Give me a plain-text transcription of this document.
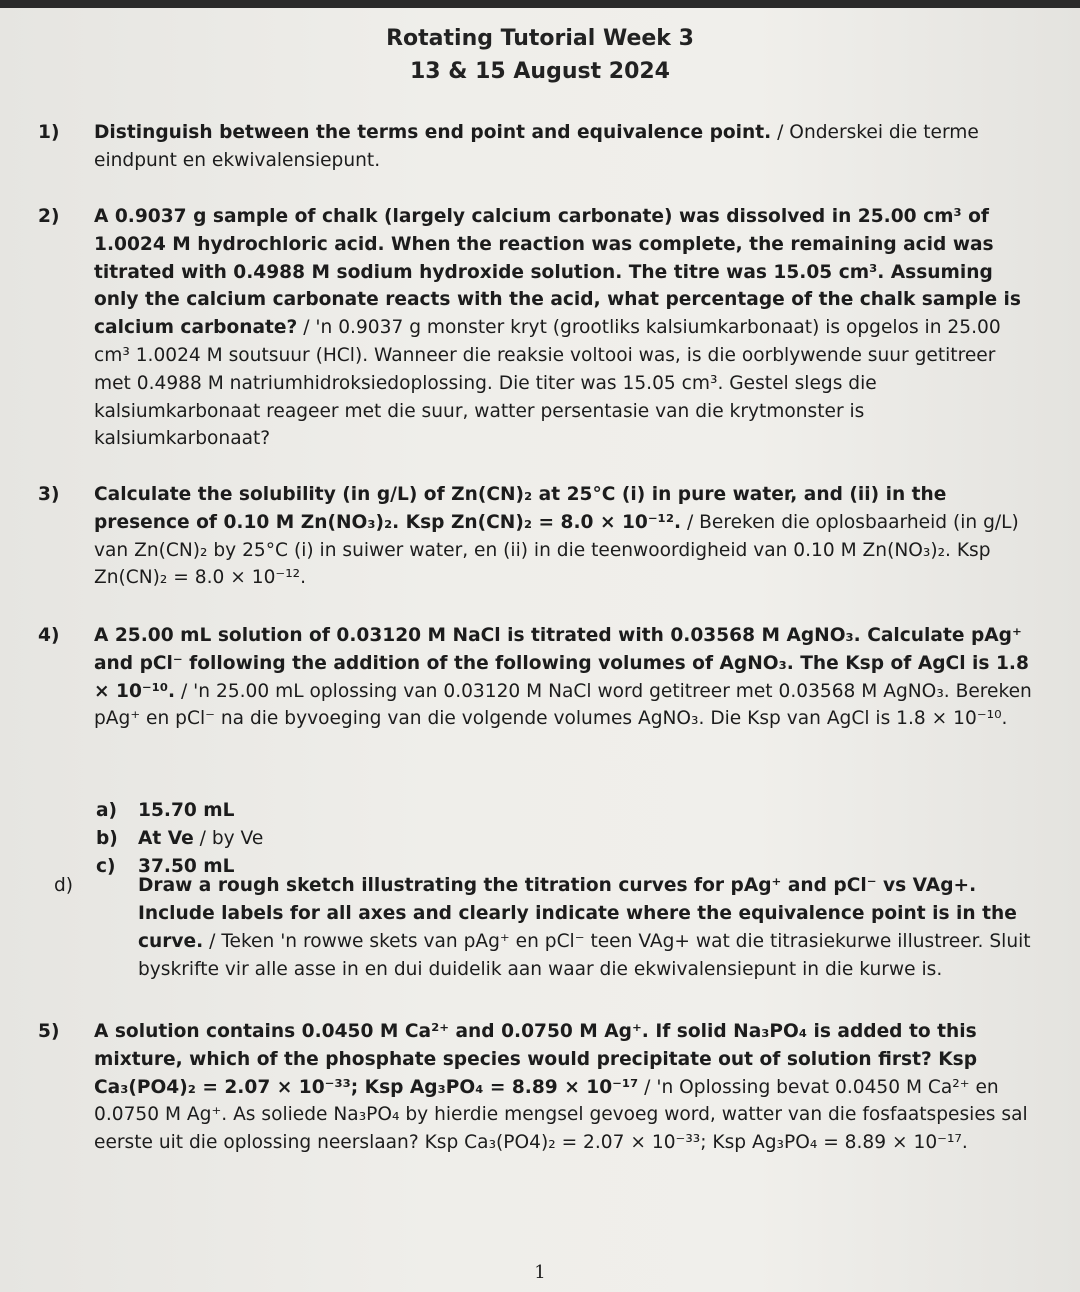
Rotating Tutorial Week 3
13 & 15 August 2024
1) Distinguish between the terms end point and equivalence point. / Onderskei die terme eindpunt en ekwivalensiepunt.
2) A 0.9037 g sample of chalk (largely calcium carbonate) was dissolved in 25.00 cm³ of 1.0024 M hydrochloric acid. When the reaction was complete, the remaining acid was titrated with 0.4988 M sodium hydroxide solution. The titre was 15.05 cm³. Assuming only the calcium carbonate reacts with the acid, what percentage of the chalk sample is calcium carbonate? / 'n 0.9037 g monster kryt (grootliks kalsiumkarbonaat) is opgelos in 25.00 cm³ 1.0024 M soutsuur (HCl). Wanneer die reaksie voltooi was, is die oorblywende suur getitreer met 0.4988 M natriumhidroksiedoplossing. Die titer was 15.05 cm³. Gestel slegs die kalsiumkarbonaat reageer met die suur, watter persentasie van die krytmonster is kalsiumkarbonaat?
3) Calculate the solubility (in g/L) of Zn(CN)₂ at 25°C (i) in pure water, and (ii) in the presence of 0.10 M Zn(NO₃)₂. Ksp Zn(CN)₂ = 8.0 × 10⁻¹². / Bereken die oplosbaarheid (in g/L) van Zn(CN)₂ by 25°C (i) in suiwer water, en (ii) in die teenwoordigheid van 0.10 M Zn(NO₃)₂. Ksp Zn(CN)₂ = 8.0 × 10⁻¹².
4) A 25.00 mL solution of 0.03120 M NaCl is titrated with 0.03568 M AgNO₃. Calculate pAg⁺ and pCl⁻ following the addition of the following volumes of AgNO₃. The Ksp of AgCl is 1.8 × 10⁻¹⁰. / 'n 25.00 mL oplossing van 0.03120 M NaCl word getitreer met 0.03568 M AgNO₃. Bereken pAg⁺ en pCl⁻ na die byvoeging van die volgende volumes AgNO₃. Die Ksp van AgCl is 1.8 × 10⁻¹⁰.
a) 15.70 mL
b) At Ve / by Ve
c) 37.50 mL
d)	Draw a rough sketch illustrating the titration curves for pAg⁺ and pCl⁻ vs VAg+. Include labels for all axes and clearly indicate where the equivalence point is in the curve. / Teken 'n rowwe skets van pAg⁺ en pCl⁻ teen VAg+ wat die titrasiekurwe illustreer. Sluit byskrifte vir alle asse in en dui duidelik aan waar die ekwivalensiepunt in die kurwe is.
5) A solution contains 0.0450 M Ca²⁺ and 0.0750 M Ag⁺. If solid Na₃PO₄ is added to this mixture, which of the phosphate species would precipitate out of solution first? Ksp Ca₃(PO4)₂ = 2.07 × 10⁻³³; Ksp Ag₃PO₄ = 8.89 × 10⁻¹⁷ / 'n Oplossing bevat 0.0450 M Ca²⁺ en 0.0750 M Ag⁺. As soliede Na₃PO₄ by hierdie mengsel gevoeg word, watter van die fosfaatspesies sal eerste uit die oplossing neerslaan? Ksp Ca₃(PO4)₂ = 2.07 × 10⁻³³; Ksp Ag₃PO₄ = 8.89 × 10⁻¹⁷.
1
